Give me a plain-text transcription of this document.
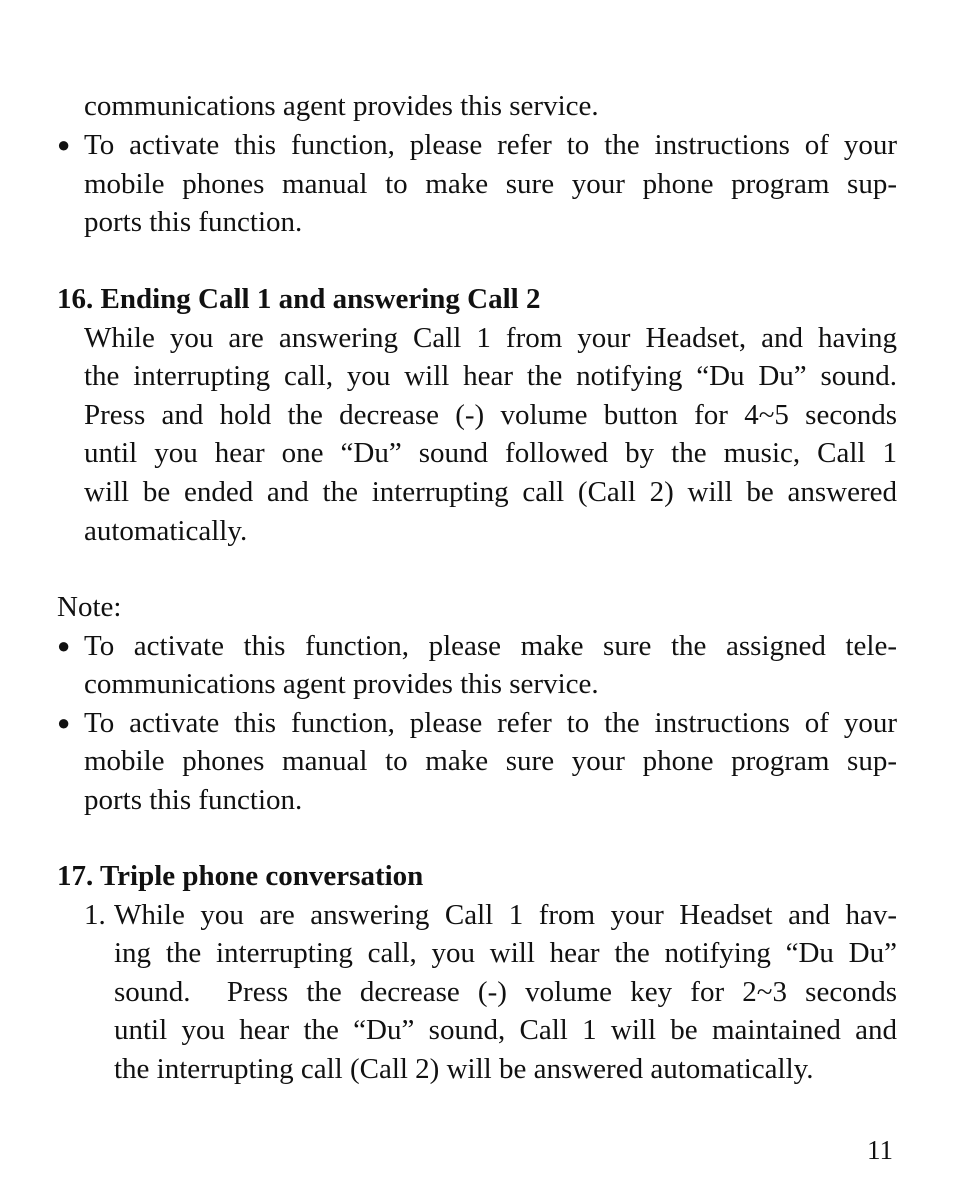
communications agent provides this service.
● To activate this function, please refer to the instructions of your
mobile phones manual to make sure your phone program sup-
ports this function.
16. Ending Call 1 and answering Call 2
While you are answering Call 1 from your Headset, and having
the interrupting call, you will hear the notifying “Du Du” sound.
Press and hold the decrease (-) volume button for 4~5 seconds
until you hear one “Du” sound followed by the music, Call 1
will be ended and the interrupting call (Call 2) will be answered
automatically.
Note:
● To activate this function, please make sure the assigned tele-
communications agent provides this service.
● To activate this function, please refer to the instructions of your
mobile phones manual to make sure your phone program sup-
ports this function.
17. Triple phone conversation
1. While you are answering Call 1 from your Headset and hav-
ing the interrupting call, you will hear the notifying “Du Du”
sound.  Press the decrease (-) volume key for 2~3 seconds
until you hear the “Du” sound, Call 1 will be maintained and
the interrupting call (Call 2) will be answered automatically.
11
